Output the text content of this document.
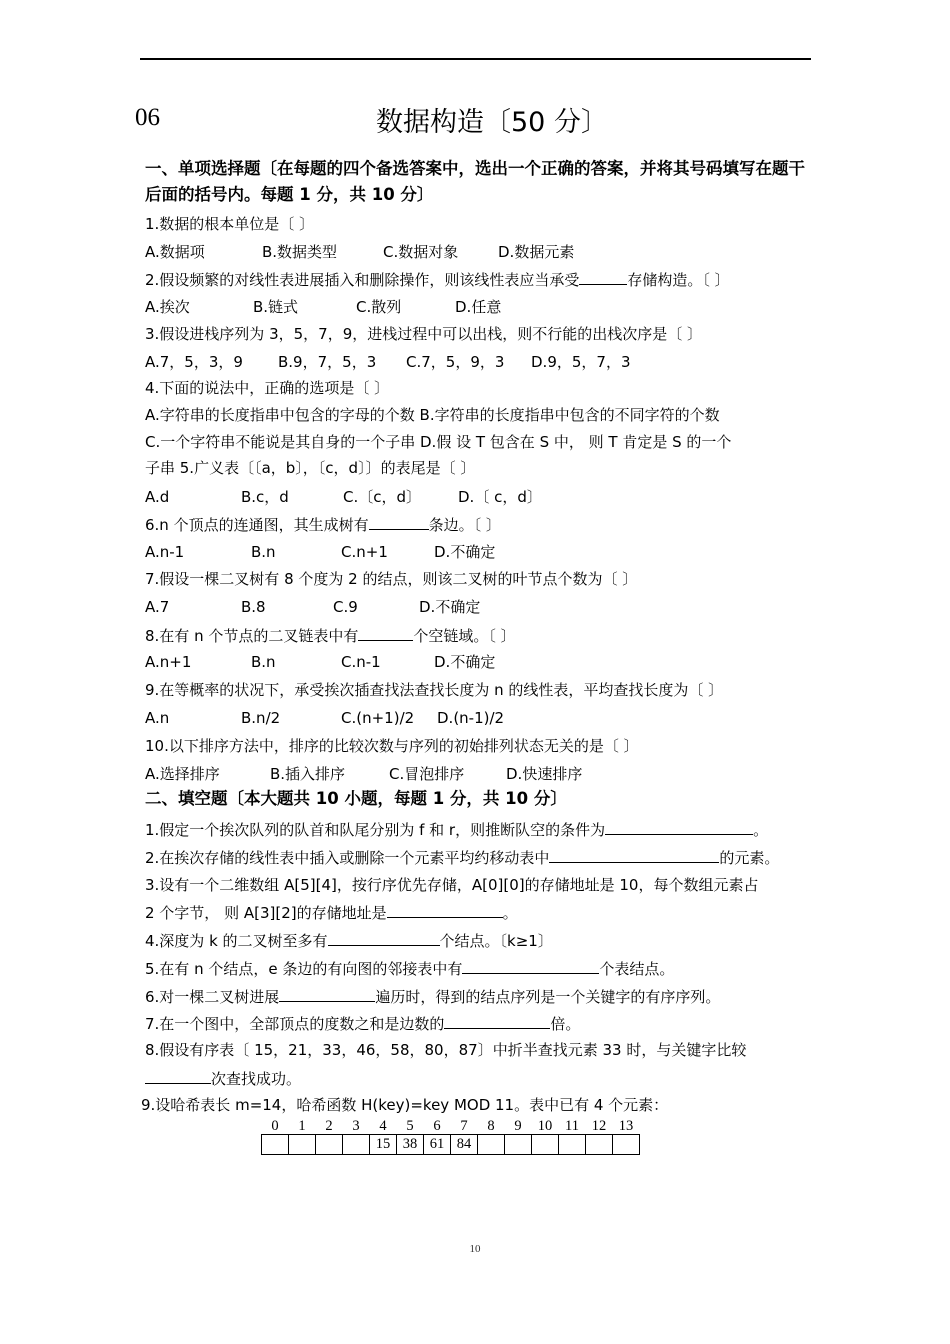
06	数据构造〔50 分〕
一、单项选择题〔在每题的四个备选答案中，选出一个正确的答案，并将其号码填写在题干后面的括号内。每题 1 分，共 10 分〕
1.数据的根本单位是〔 〕
A.数据项	B.数据类型	C.数据对象	D.数据元素
2.假设频繁的对线性表进展插入和删除操作，则该线性表应当承受	存储构造。〔 〕
A.挨次	B.链式	C.散列	D.任意
3.假设进栈序列为 3，5，7，9，进栈过程中可以出栈，则不行能的出栈次序是〔 〕
A.7，5，3，9 B.9，7，5，3 C.7，5，9，3 D.9，5，7，3
4.下面的说法中，正确的选项是〔 〕
A.字符串的长度指串中包含的字母的个数 B.字符串的长度指串中包含的不同字符的个数
C.一个字符串不能说是其自身的一个子串 D.假 设 T 包含在 S 中， 则 T 肯定是 S 的一个
子串 5.广义表〔〔a，b〕，〔c，d〕〕的表尾是〔 〕
A.d	B.c，d	C.〔c，d〕 D.〔 c，d〕
6.n 个顶点的连通图，其生成树有	条边。〔 〕
A.n-1	B.n	C.n+1	D.不确定
7.假设一棵二叉树有 8 个度为 2 的结点，则该二叉树的叶节点个数为〔 〕
A.7	B.8	C.9	D.不确定
8.在有 n 个节点的二叉链表中有	个空链域。〔 〕
A.n+1	B.n	C.n-1	D.不确定
9.在等概率的状况下，承受挨次插查找法查找长度为 n 的线性表，平均查找长度为〔 〕
A.n	B.n/2	C.(n+1)/2 D.(n-1)/2
10.以下排序方法中，排序的比较次数与序列的初始排列状态无关的是〔 〕
A.选择排序	B.插入排序	C.冒泡排序	D.快速排序
二、填空题〔本大题共 10 小题，每题 1 分，共 10 分〕
1.假定一个挨次队列的队首和队尾分别为 f 和 r，则推断队空的条件为	。
2.在挨次存储的线性表中插入或删除一个元素平均约移动表中	的元素。
3.设有一个二维数组 A[5][4]，按行序优先存储，A[0][0]的存储地址是 10，每个数组元素占
2 个字节， 则 A[3][2]的存储地址是	。
4.深度为 k 的二叉树至多有	个结点。〔k≥1〕
5.在有 n 个结点，e 条边的有向图的邻接表中有	个表结点。
6.对一棵二叉树进展	遍历时，得到的结点序列是一个关键字的有序序列。
7.在一个图中，全部顶点的度数之和是边数的	倍。
8.假设有序表〔 15，21，33，46，58，80，87〕中折半查找元素 33 时，与关键字比较
次查找成功。
9.设哈希表长 m=14，哈希函数 H(key)=key MOD 11。表中已有 4 个元素：
0	1	2	3	4	5	6	7	8	9	10	11	12	13
				15	38	61	84						
10
